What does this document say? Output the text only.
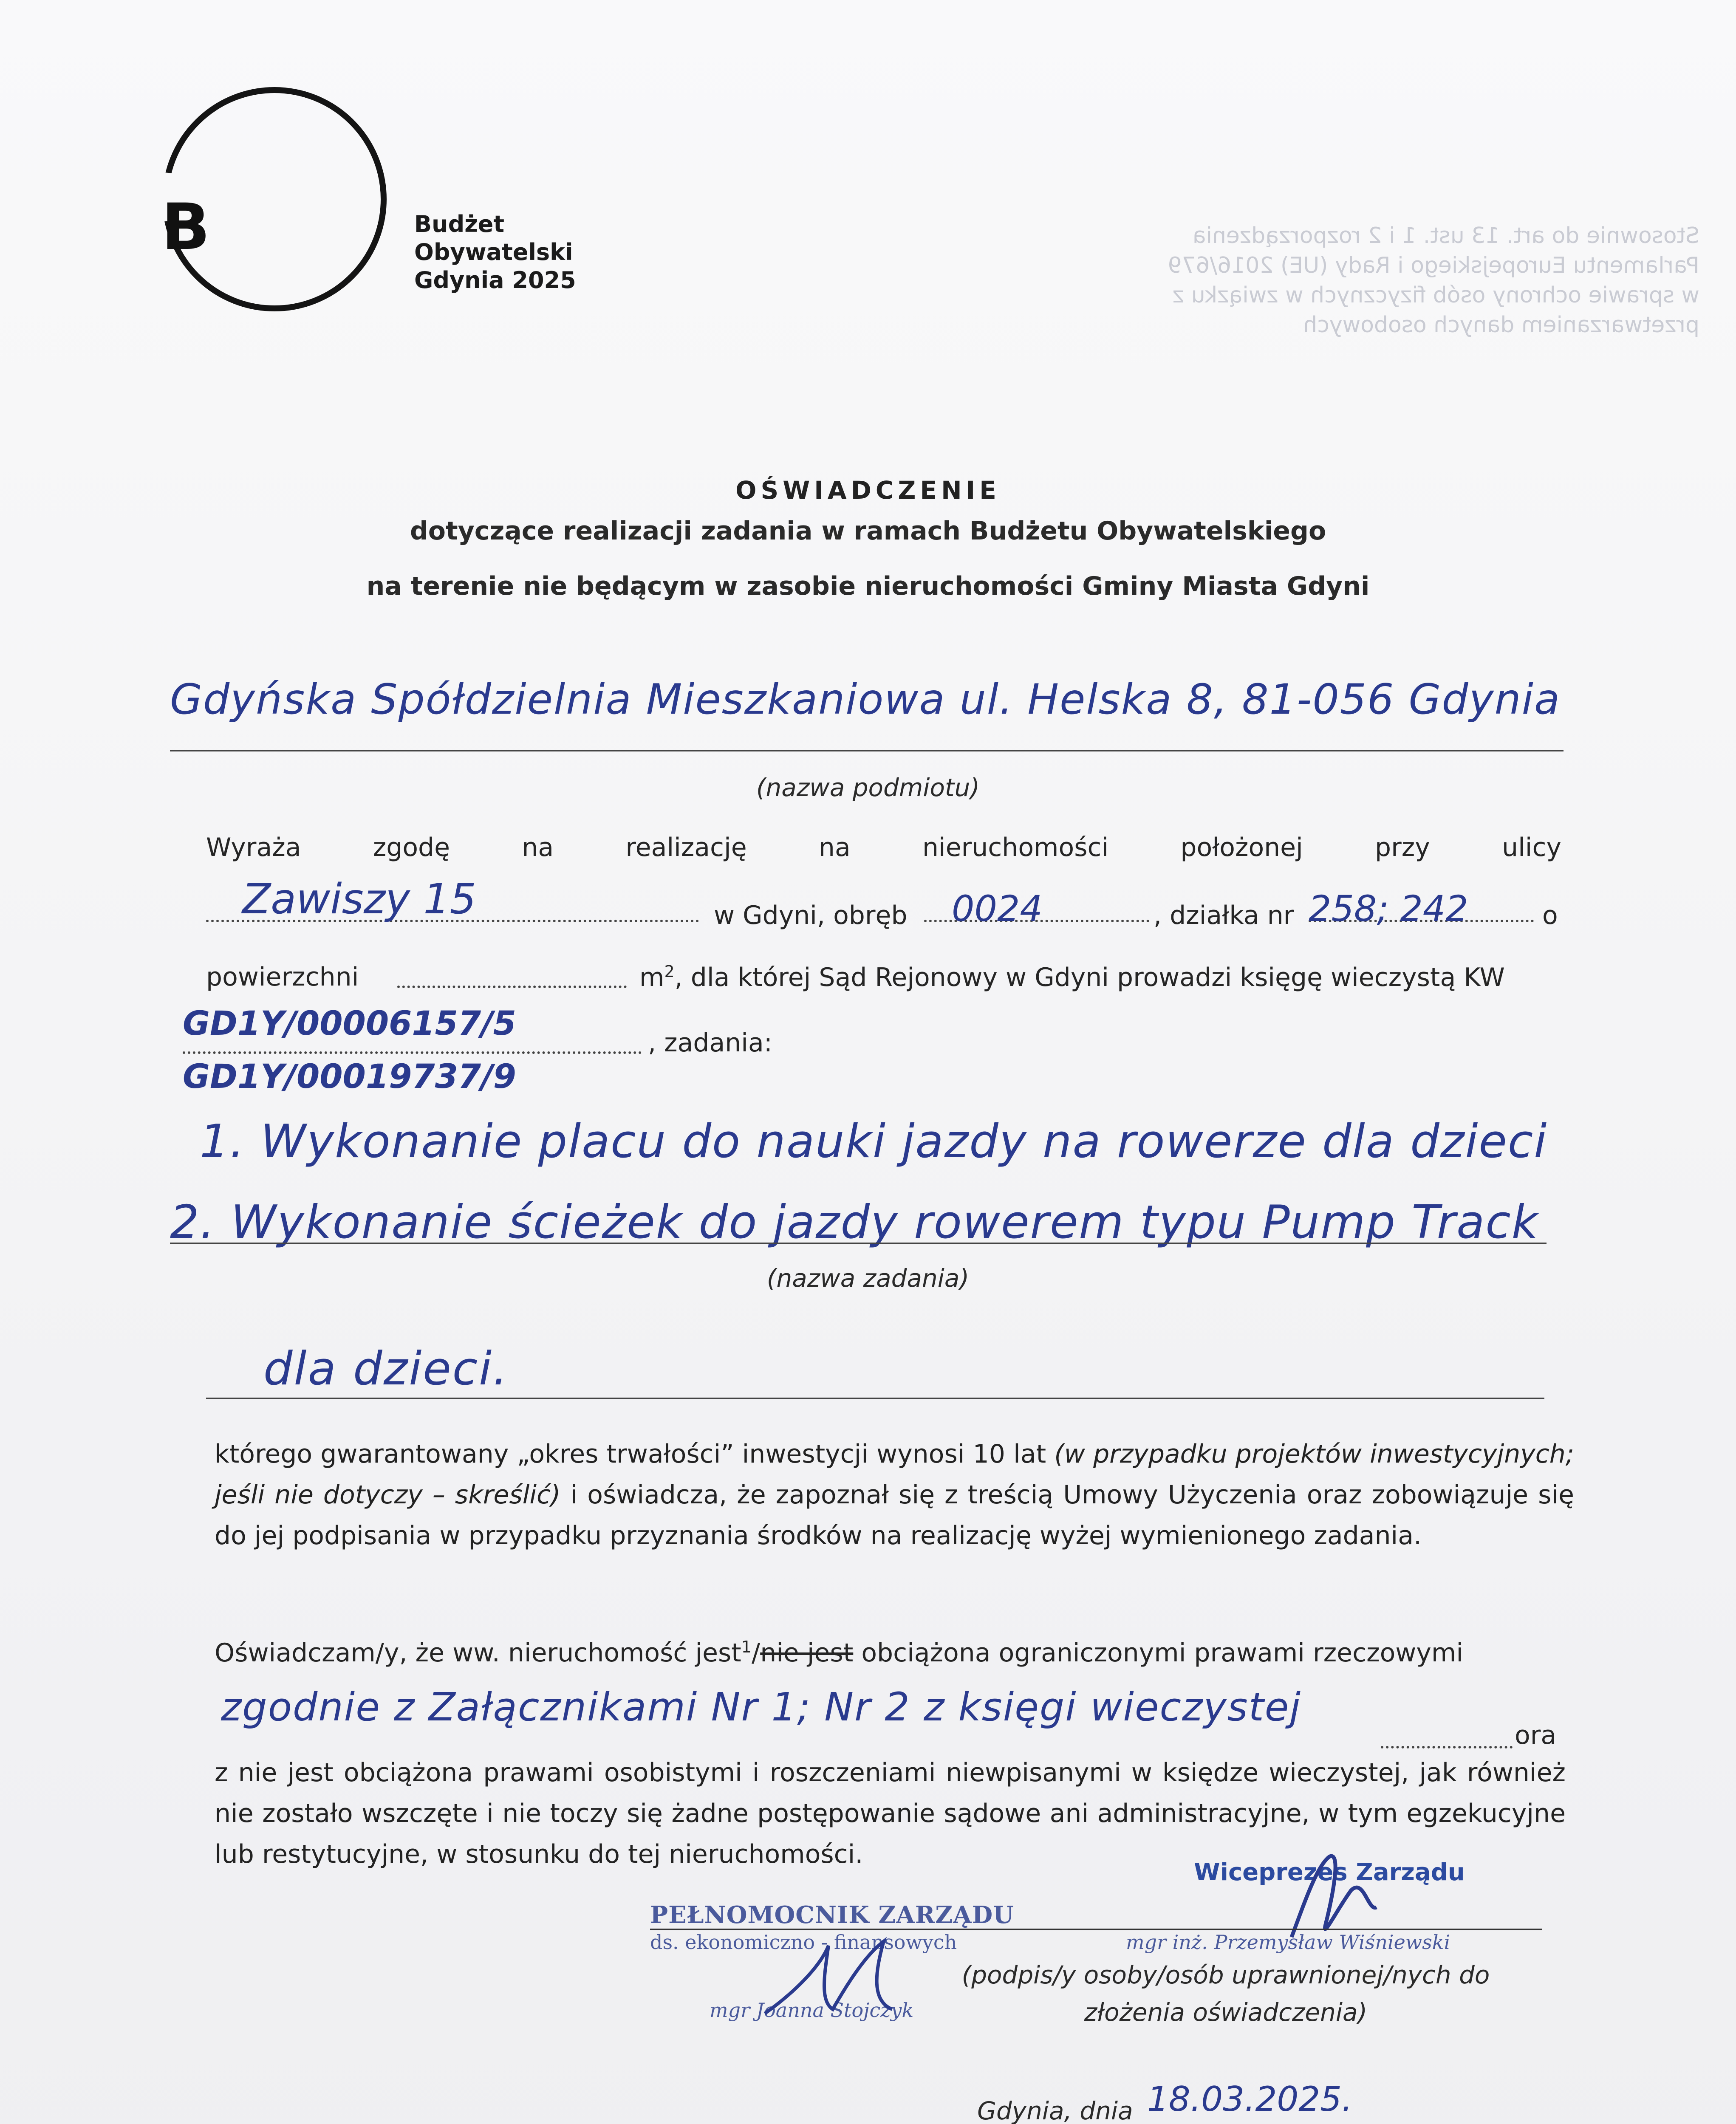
Stosownie do art. 13 ust. 1 i 2 rozporządzenia Parlamentu Europejskiego i Rady (UE) 2016/679 w sprawie ochrony osób fizycznych w związku z przetwarzaniem danych osobowych
B	Budżet
Obywatelski
Gdynia 2025
OŚWIADCZENIE
dotyczące realizacji zadania w ramach Budżetu Obywatelskiego
na terenie nie będącym w zasobie nieruchomości Gminy Miasta Gdyni
Gdyńska Spółdzielnia Mieszkaniowa ul. Helska 8, 81-056 Gdynia
(nazwa podmiotu)
Wyraża	zgodę	na	realizację	na	nieruchomości	położonej	przy	ulicy
Zawiszy 15	w Gdyni, obręb 0024	, działka nr 258; 242	o
powierzchni	$m^2$, dla której Sąd Rejonowy w Gdyni prowadzi księgę wieczystą KW
GD1Y/00006157/5	, zadania:
GD1Y/00019737/9
1. Wykonanie placu do nauki jazdy na rowerze dla dzieci
2. Wykonanie ścieżek do jazdy rowerem typu Pump Track
(nazwa zadania)
dla dzieci.
którego gwarantowany „okres trwałości” inwestycji wynosi 10 lat (w przypadku projektów inwestycyjnych; jeśli nie dotyczy – skreślić) i oświadcza, że zapoznał się z treścią Umowy Użyczenia oraz zobowiązuje się do jej podpisania w przypadku przyznania środków na realizację wyżej wymienionego zadania.
Oświadczam/y, że ww. nieruchomość jest$^1$/nie jest obciążona ograniczonymi prawami rzeczowymi
zgodnie z Załącznikami Nr 1; Nr 2 z księgi wieczystej
ora
z nie jest obciążona prawami osobistymi i roszczeniami niewpisanymi w księdze wieczystej, jak również nie zostało wszczęte i nie toczy się żadne postępowanie sądowe ani administracyjne, w tym egzekucyjne lub restytucyjne, w stosunku do tej nieruchomości.
Wiceprezes Zarządu
PEŁNOMOCNIK ZARZĄDU
ds. ekonomiczno - finansowych	mgr inż. Przemysław Wiśniewski
mgr Joanna Stojczyk
(podpis/y osoby/osób uprawnionej/nych do
złożenia oświadczenia)
Gdynia, dnia 18.03.2025.
